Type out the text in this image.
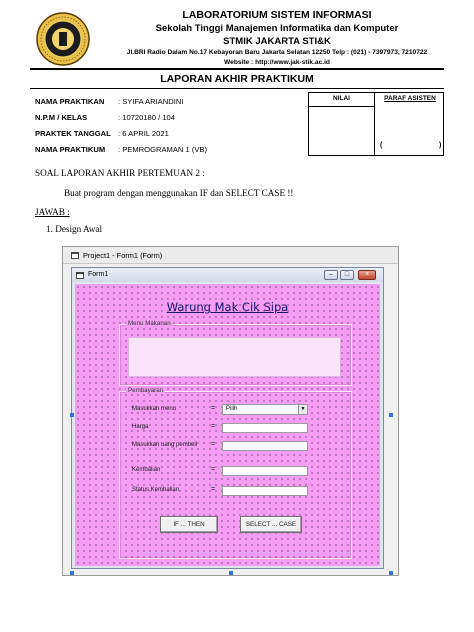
LABORATORIUM SISTEM INFORMASI
Sekolah Tinggi Manajemen Informatika dan Komputer
STMIK JAKARTA STI&K
Jl.BRI Radio Dalam No.17 Kebayoran Baru Jakarta Selatan 12250 Telp : (021) - 7397973, 7210722
Website : http://www.jak-stik.ac.id
LAPORAN AKHIR PRAKTIKUM
NAMA PRAKTIKAN : SYIFA ARIANDINI
N.P.M / KELAS	: 10720180 / 104
PRAKTEK TANGGAL : 6 APRIL 2021
NAMA PRAKTIKUM : PEMROGRAMAN 1 (VB)
NILAI	PARAF ASISTEN
(	)
SOAL LAPORAN AKHIR PERTEMUAN 2 :
Buat program dengan menggunakan IF dan SELECT CASE !!
JAWAB :
1. Design Awal
Project1 - Form1 (Form)
Form1	–	□	×
Warung Mak Cik Sipa
Menu Makanan
Pembayaran
Masukkan menu	=	Pilih	▼
Harga	=
Masukkan uang pembeli =
Kembalian	=
Status Kembalian	=
IF ... THEN	SELECT ... CASE
